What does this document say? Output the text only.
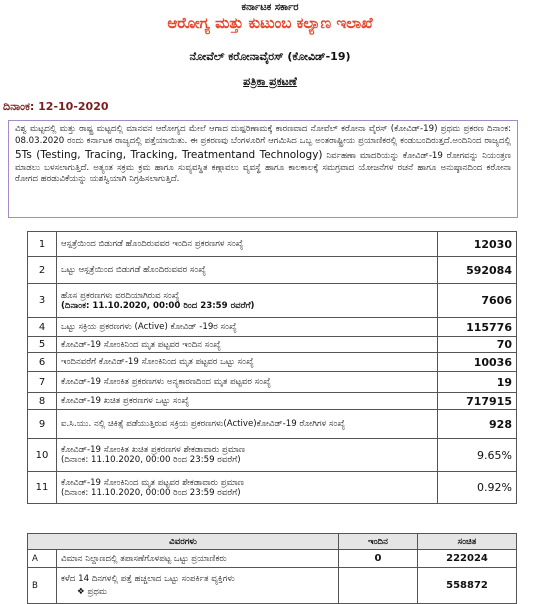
ಕರ್ನಾಟಕ ಸರ್ಕಾರ
ಆರೋಗ್ಯ ಮತ್ತು ಕುಟುಂಬ ಕಲ್ಯಾಣ ಇಲಾಖೆ
ನೋವೆಲ್ ಕರೋನಾವೈರಸ್ (ಕೋವಿಡ್-19)
ಪತ್ರಿಕಾ ಪ್ರಕಟಣೆ
ದಿನಾಂಕ: 12-10-2020
ವಿಶ್ವ ಮಟ್ಟದಲ್ಲಿ ಮತ್ತು ರಾಷ್ಟ್ರ ಮಟ್ಟದಲ್ಲಿ ಮಾನವನ ಆರೋಗ್ಯದ ಮೇಲೆ ಆಗಾದ ದುಷ್ಪರಿಣಾಮಕ್ಕೆ ಕಾರಣವಾದ ನೋವೆಲ್ ಕರೋನಾ ವೈರಸ್ (ಕೋವಿಡ್-19) ಪ್ರಥಮ ಪ್ರಕರಣ ದಿನಾಂಕ: 08.03.2020 ರಂದು ಕರ್ನಾಟಕ ರಾಜ್ಯದಲ್ಲಿ ಪತ್ತೆಯಾಯಿತು. ಈ ಪ್ರಕರಣವು ಬೆಂಗಳೂರಿಗೆ ಆಗಮಿಸಿದ ಒಬ್ಬ ಅಂತರಾಷ್ಟ್ರೀಯ ಪ್ರಯಾಣಿಕರಲ್ಲಿ ಕಂಡುಬಂದಿರುತ್ತದೆ.ಅಂದಿನಿಂದ ರಾಜ್ಯದಲ್ಲಿ 5Ts (Testing, Tracing, Tracking, Treatmentand Technology) ನಿರ್ವಹಣಾ ಮಾದರಿಯನ್ನು ಕೋವಿಡ್-19 ರೋಗವನ್ನು ನಿಯಂತ್ರಣ ಮಾಡಲು ಬಳಸಲಾಗುತ್ತಿದೆ. ಅತ್ಯಂತ ಸಕ್ರಮ ಕ್ರಮ ಹಾಗೂ ಸುವ್ಯವಸ್ಥಿತ ಕಣ್ಗಾವಲು ವ್ಯವಸ್ಥೆ ಹಾಗೂ ಕಾಲಕಾಲಕ್ಕೆ ಸಮಗ್ರವಾದ ಯೋಜನೆಗಳ ರಚನೆ ಹಾಗೂ ಅನುಷ್ಠಾನದಿಂದ ಕರೋನಾ ರೋಗದ ಹರಡುವಿಕೆಯನ್ನು ಯಶಸ್ವಿಯಾಗಿ ನಿಗ್ರಹಿಸಲಾಗುತ್ತಿದೆ.
1	ಆಸ್ಪತ್ರೆಯಿಂದ ಬಿಡುಗಡೆ ಹೊಂದಿರುವವರ ಇಂದಿನ ಪ್ರಕರಣಗಳ ಸಂಖ್ಯೆ	12030
2	ಒಟ್ಟು ಆಸ್ಪತ್ರೆಯಿಂದ ಬಿಡುಗಡೆ ಹೊಂದಿರುವವರ ಸಂಖ್ಯೆ	592084
3	ಹೊಸ ಪ್ರಕರಣಗಳು ವರದಿಯಾಗಿರುವ ಸಂಖ್ಯೆ
(ದಿನಾಂಕ: 11.10.2020, 00:00 ರಿಂದ 23:59 ರವರೆಗೆ)	7606
4	ಒಟ್ಟು ಸಕ್ರಿಯ ಪ್ರಕರಣಗಳು (Active) ಕೋವಿಡ್ -19ರ ಸಂಖ್ಯೆ	115776
5	ಕೋವಿಡ್-19 ಸೋಂಕಿನಿಂದ ಮೃತ ಪಟ್ಟವರ ಇಂದಿನ ಸಂಖ್ಯೆ	70
6	ಇಂದಿನವರೆಗೆ ಕೋವಿಡ್-19 ಸೋಂಕಿನಿಂದ ಮೃತ ಪಟ್ಟವರ ಒಟ್ಟು ಸಂಖ್ಯೆ	10036
7	ಕೋವಿಡ್-19 ಸೋಂಕಿತ ಪ್ರಕರಣಗಳು ಅನ್ಯಕಾರಣದಿಂದ ಮೃತ ಪಟ್ಟವರ ಸಂಖ್ಯೆ	19
8	ಕೋವಿಡ್-19 ಖಚಿತ ಪ್ರಕರಣಗಳ ಒಟ್ಟು ಸಂಖ್ಯೆ	717915
9	ಐ.ಸಿ.ಯು. ನಲ್ಲಿ ಚಿಕಿತ್ಸೆ ಪಡೆಯುತ್ತಿರುವ ಸಕ್ರಿಯ ಪ್ರಕರಣಗಳು(Active)ಕೋವಿಡ್-19 ರೋಗಿಗಳ ಸಂಖ್ಯೆ	928
10	ಕೋವಿಡ್-19 ಸೋಂಕಿತ ಖಚಿತ ಪ್ರಕರಣಗಳ ಶೇಕಡಾವಾರು ಪ್ರಮಾಣ
(ದಿನಾಂಕ: 11.10.2020, 00:00 ರಿಂದ 23:59 ರವರೆಗೆ)	9.65%
11	ಕೋವಿಡ್-19 ಸೋಂಕಿನಿಂದ ಮೃತ ಪಟ್ಟವರ ಶೇಕಡಾವಾರು ಪ್ರಮಾಣ
(ದಿನಾಂಕ: 11.10.2020, 00:00 ರಿಂದ 23:59 ರವರೆಗೆ)	0.92%
ವಿವರಗಳು		ಇಂದಿನ	ಸಂಚಿತ
A	ವಿಮಾನ ನಿಲ್ದಾಣದಲ್ಲಿ ತಪಾಸಣೆಗೊಳಪಟ್ಟ ಒಟ್ಟು ಪ್ರಯಾಣಿಕರು	0	222024
B	ಕಳೆದ 14 ದಿನಗಳಲ್ಲಿ ಪತ್ತೆ ಹಚ್ಚಲಾದ ಒಟ್ಟು ಸಂಪರ್ಕಿತ ವ್ಯಕ್ತಿಗಳು
❖ ಪ್ರಥಮ		558872
